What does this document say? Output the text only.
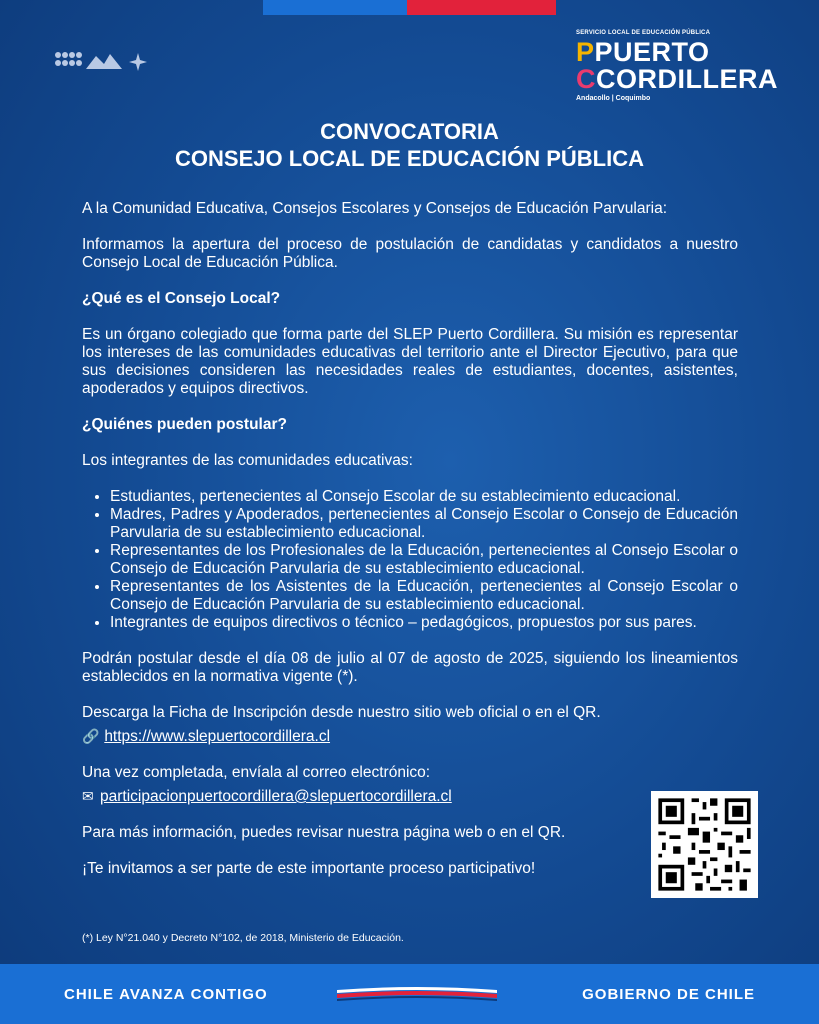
SERVICIO LOCAL DE EDUCACIÓN PÚBLICA
PPUERTO
CCORDILLERA
Andacollo | Coquimbo
CONVOCATORIA
CONSEJO LOCAL DE EDUCACIÓN PÚBLICA

A la Comunidad Educativa, Consejos Escolares y Consejos de Educación Parvularia:

Informamos la apertura del proceso de postulación de candidatas y candidatos a nuestro Consejo Local de Educación Pública.

¿Qué es el Consejo Local?

Es un órgano colegiado que forma parte del SLEP Puerto Cordillera. Su misión es representar los intereses de las comunidades educativas del territorio ante el Director Ejecutivo, para que sus decisiones consideren las necesidades reales de estudiantes, docentes, asistentes, apoderados y equipos directivos.

¿Quiénes pueden postular?

Los integrantes de las comunidades educativas:

• Estudiantes, pertenecientes al Consejo Escolar de su establecimiento educacional.
• Madres, Padres y Apoderados, pertenecientes al Consejo Escolar o Consejo de Educación Parvularia de su establecimiento educacional.
• Representantes de los Profesionales de la Educación, pertenecientes al Consejo Escolar o Consejo de Educación Parvularia de su establecimiento educacional.
• Representantes de los Asistentes de la Educación, pertenecientes al Consejo Escolar o Consejo de Educación Parvularia de su establecimiento educacional.
• Integrantes de equipos directivos o técnico – pedagógicos, propuestos por sus pares.

Podrán postular desde el día 08 de julio al 07 de agosto de 2025, siguiendo los lineamientos establecidos en la normativa vigente (*).

Descarga la Ficha de Inscripción desde nuestro sitio web oficial o en el QR.

🔗 https://www.slepuertocordillera.cl

Una vez completada, envíala al correo electrónico:

✉ participacionpuertocordillera@slepuertocordillera.cl

Para más información, puedes revisar nuestra página web o en el QR.

¡Te invitamos a ser parte de este importante proceso participativo!

(*) Ley N°21.040 y Decreto N°102, de 2018, Ministerio de Educación.
CHILE AVANZA CONTIGO	GOBIERNO DE CHILE
